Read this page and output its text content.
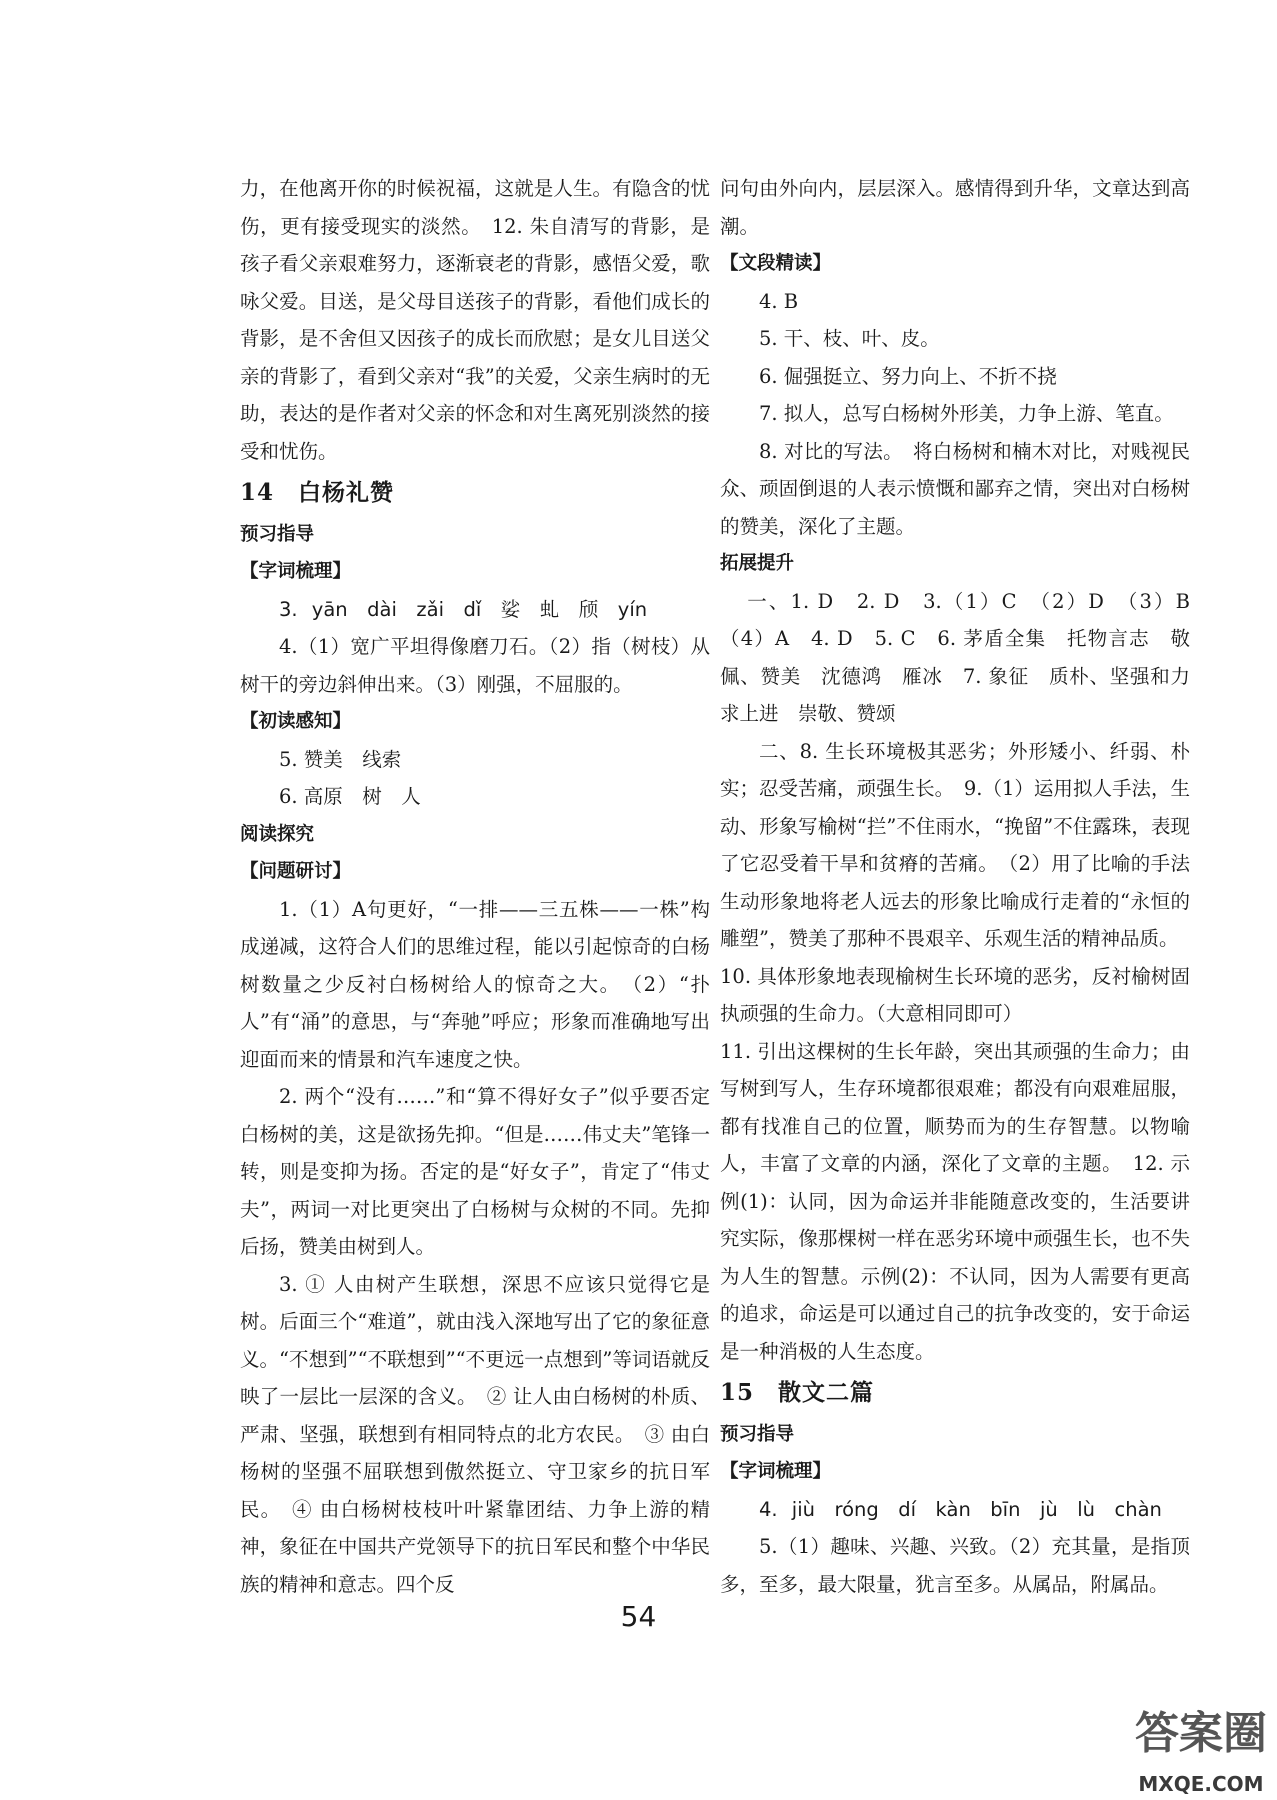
力，在他离开你的时候祝福，这就是人生。有隐含的忧伤，更有接受现实的淡然。　12. 朱自清写的背影，是孩子看父亲艰难努力，逐渐衰老的背影，感悟父爱，歌咏父爱。目送，是父母目送孩子的背影，看他们成长的背影，是不舍但又因孩子的成长而欣慰；是女儿目送父亲的背影了，看到父亲对“我”的关爱，父亲生病时的无助，表达的是作者对父亲的怀念和对生离死别淡然的接受和忧伤。

14　白杨礼赞

预习指导

【字词梳理】

3. yān　dài　zǎi　dǐ　娑　虬　颀　yín

4.（1）宽广平坦得像磨刀石。（2）指（树枝）从树干的旁边斜伸出来。（3）刚强，不屈服的。

【初读感知】

5. 赞美　线索

6. 高原　树　人

阅读探究

【问题研讨】

1.（1）A句更好，“一排——三五株——一株”构成递减，这符合人们的思维过程，能以引起惊奇的白杨树数量之少反衬白杨树给人的惊奇之大。　（2）“扑人”有“涌”的意思，与“奔驰”呼应；形象而准确地写出迎面而来的情景和汽车速度之快。

2. 两个“没有……”和“算不得好女子”似乎要否定白杨树的美，这是欲扬先抑。“但是……伟丈夫”笔锋一转，则是变抑为扬。否定的是“好女子”，肯定了“伟丈夫”，两词一对比更突出了白杨树与众树的不同。先抑后扬，赞美由树到人。

3. ① 人由树产生联想，深思不应该只觉得它是树。后面三个“难道”，就由浅入深地写出了它的象征意义。“不想到”“不联想到”“不更远一点想到”等词语就反映了一层比一层深的含义。　② 让人由白杨树的朴质、严肃、坚强，联想到有相同特点的北方农民。　③ 由白杨树的坚强不屈联想到傲然挺立、守卫家乡的抗日军民。　④ 由白杨树枝枝叶叶紧靠团结、力争上游的精神，象征在中国共产党领导下的抗日军民和整个中华民族的精神和意志。四个反

问句由外向内，层层深入。感情得到升华，文章达到高潮。

【文段精读】

4. B

5. 干、枝、叶、皮。

6. 倔强挺立、努力向上、不折不挠

7. 拟人，总写白杨树外形美，力争上游、笔直。

8. 对比的写法。　将白杨树和楠木对比，对贱视民众、顽固倒退的人表示愤慨和鄙弃之情，突出对白杨树的赞美，深化了主题。

拓展提升

一、1. D　2. D　3.（1）C　（2）D　（3）B　（4）A　4. D　5. C　6. 茅盾全集　托物言志　敬佩、赞美　沈德鸿　雁冰　7. 象征　质朴、坚强和力求上进　崇敬、赞颂

二、8. 生长环境极其恶劣；外形矮小、纤弱、朴实；忍受苦痛，顽强生长。　9.（1）运用拟人手法，生动、形象写榆树“拦”不住雨水，“挽留”不住露珠，表现了它忍受着干旱和贫瘠的苦痛。　（2）用了比喻的手法生动形象地将老人远去的形象比喻成行走着的“永恒的雕塑”，赞美了那种不畏艰辛、乐观生活的精神品质。

10. 具体形象地表现榆树生长环境的恶劣，反衬榆树固执顽强的生命力。（大意相同即可）

11. 引出这棵树的生长年龄，突出其顽强的生命力；由写树到写人，生存环境都很艰难；都没有向艰难屈服，都有找准自己的位置，顺势而为的生存智慧。以物喻人，丰富了文章的内涵，深化了文章的主题。　12. 示例(1)：认同，因为命运并非能随意改变的，生活要讲究实际，像那棵树一样在恶劣环境中顽强生长，也不失为人生的智慧。示例(2)：不认同，因为人需要有更高的追求，命运是可以通过自己的抗争改变的，安于命运是一种消极的人生态度。

15　散文二篇

预习指导

【字词梳理】

4. jiù　róng　dí　kàn　bīn　jù　lù　chàn

5.（1）趣味、兴趣、兴致。（2）充其量，是指顶多，至多，最大限量，犹言至多。从属品，附属品。

54
答案圈
MXQE.COM
